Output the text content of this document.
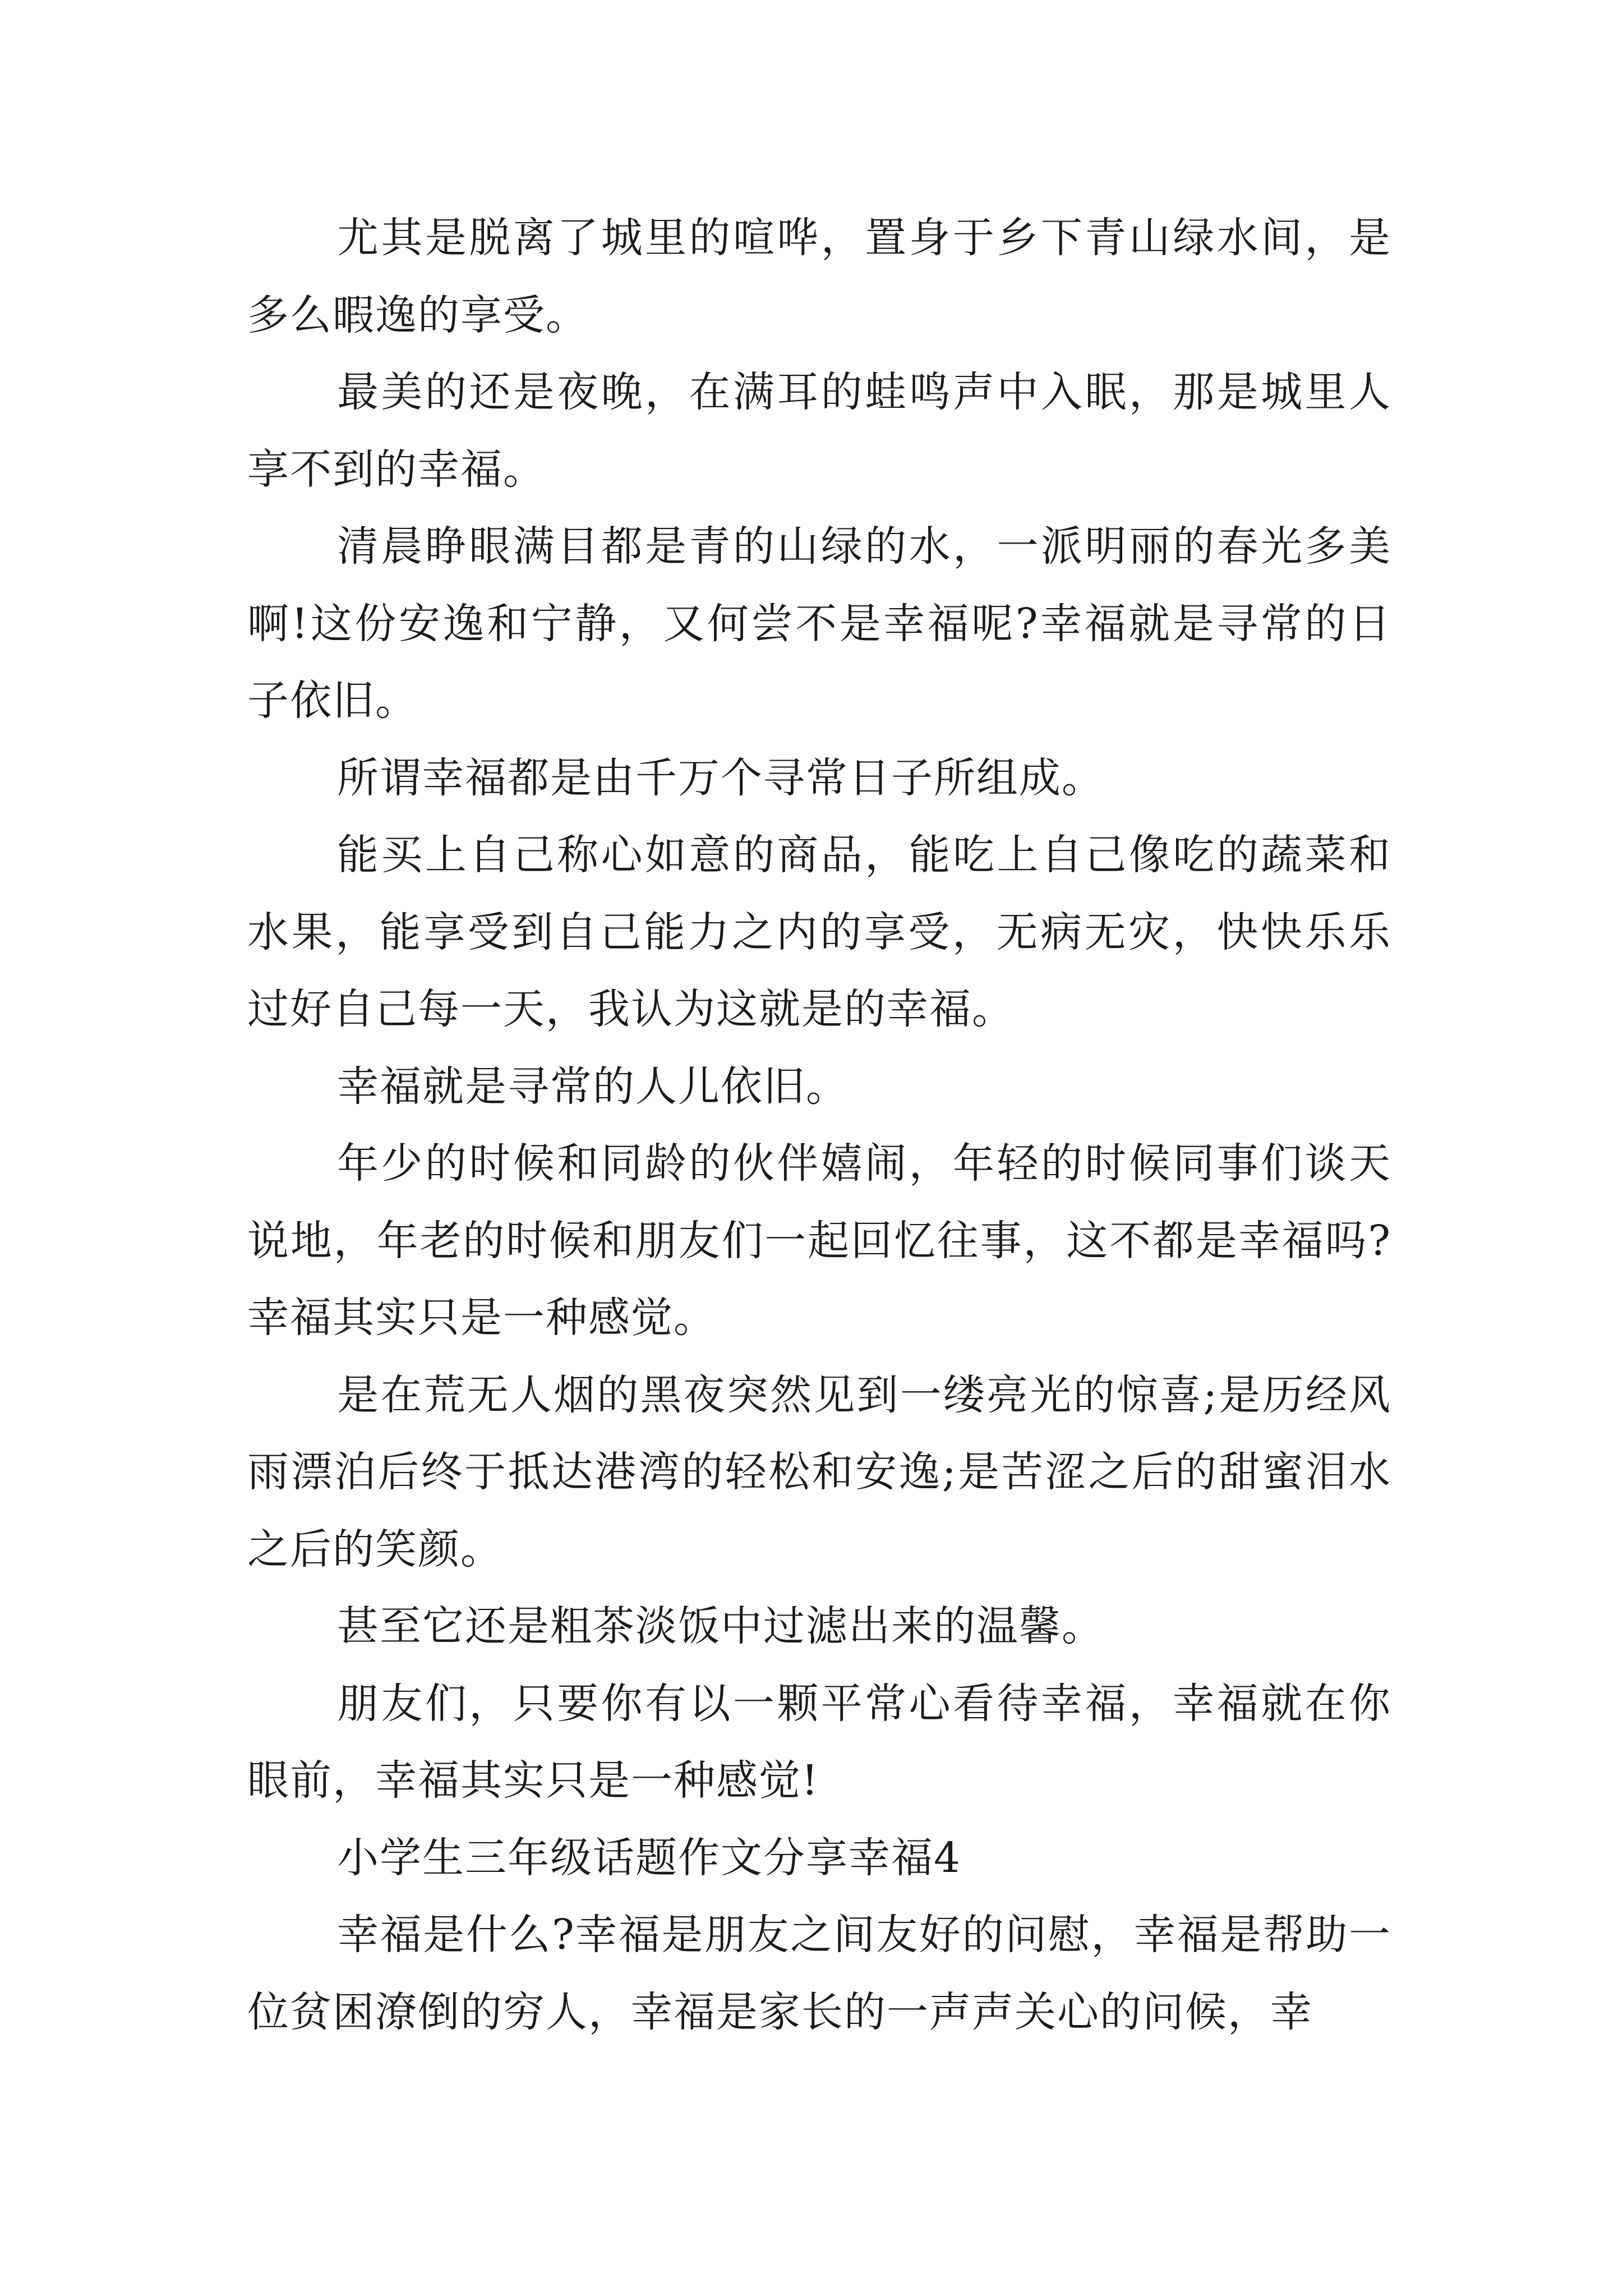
尤其是脱离了城里的喧哗，置身于乡下青山绿水间，是多么暇逸的享受。

最美的还是夜晚，在满耳的蛙鸣声中入眠，那是城里人享不到的幸福。

清晨睁眼满目都是青的山绿的水，一派明丽的春光多美啊!这份安逸和宁静，又何尝不是幸福呢?幸福就是寻常的日子依旧。

所谓幸福都是由千万个寻常日子所组成。

能买上自己称心如意的商品，能吃上自己像吃的蔬菜和水果，能享受到自己能力之内的享受，无病无灾，快快乐乐过好自己每一天，我认为这就是的幸福。

幸福就是寻常的人儿依旧。

年少的时候和同龄的伙伴嬉闹，年轻的时候同事们谈天说地，年老的时候和朋友们一起回忆往事，这不都是幸福吗?幸福其实只是一种感觉。

是在荒无人烟的黑夜突然见到一缕亮光的惊喜;是历经风雨漂泊后终于抵达港湾的轻松和安逸;是苦涩之后的甜蜜泪水之后的笑颜。

甚至它还是粗茶淡饭中过滤出来的温馨。

朋友们，只要你有以一颗平常心看待幸福，幸福就在你眼前，幸福其实只是一种感觉!

小学生三年级话题作文分享幸福4

幸福是什么?幸福是朋友之间友好的问慰，幸福是帮助一位贫困潦倒的穷人，幸福是家长的一声声关心的问候，幸
